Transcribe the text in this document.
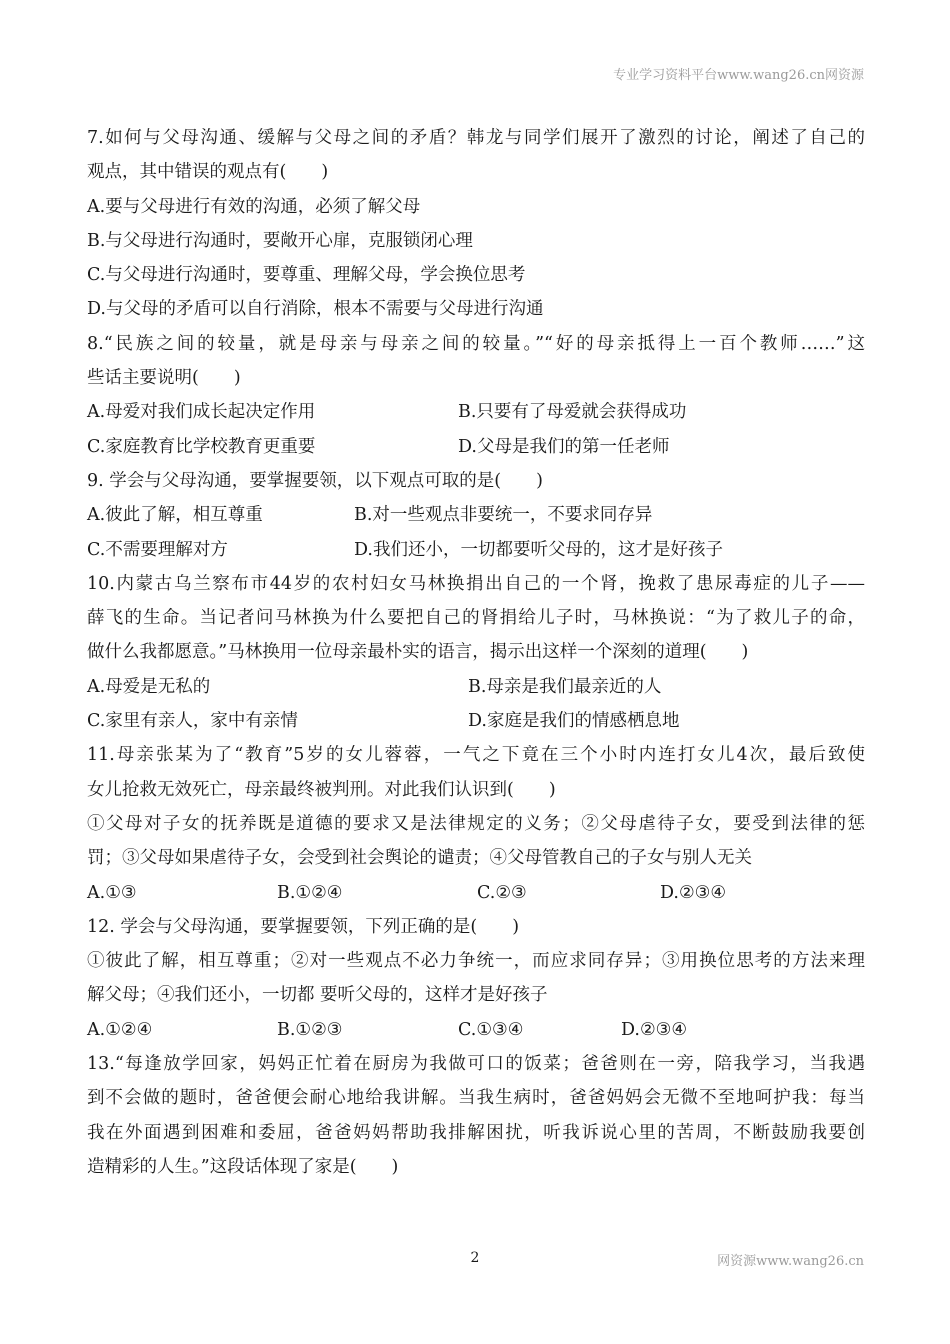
专业学习资料平台www.wang26.cn网资源
7.如何与父母沟通、缓解与父母之间的矛盾？韩龙与同学们展开了激烈的讨论，阐述了自己的
观点，其中错误的观点有(　　)
A.要与父母进行有效的沟通，必须了解父母
B.与父母进行沟通时，要敞开心扉，克服锁闭心理
C.与父母进行沟通时，要尊重、理解父母，学会换位思考
D.与父母的矛盾可以自行消除，根本不需要与父母进行沟通
8.“民族之间的较量，就是母亲与母亲之间的较量。”“好的母亲抵得上一百个教师……”这
些话主要说明(　　)
A.母爱对我们成长起决定作用	B.只要有了母爱就会获得成功
C.家庭教育比学校教育更重要	D.父母是我们的第一任老师
9. 学会与父母沟通，要掌握要领，以下观点可取的是(　　)
A.彼此了解，相互尊重	B.对一些观点非要统一，不要求同存异
C.不需要理解对方	D.我们还小，一切都要听父母的，这才是好孩子
10.内蒙古乌兰察布市44岁的农村妇女马林换捐出自己的一个肾，挽救了患尿毒症的儿子——
薛飞的生命。当记者问马林换为什么要把自己的肾捐给儿子时，马林换说：“为了救儿子的命，
做什么我都愿意。”马林换用一位母亲最朴实的语言，揭示出这样一个深刻的道理(　　)
A.母爱是无私的	B.母亲是我们最亲近的人
C.家里有亲人，家中有亲情	D.家庭是我们的情感栖息地
11.母亲张某为了“教育”5岁的女儿蓉蓉，一气之下竟在三个小时内连打女儿4次，最后致使
女儿抢救无效死亡，母亲最终被判刑。对此我们认识到(　　)
①父母对子女的抚养既是道德的要求又是法律规定的义务；②父母虐待子女，要受到法律的惩
罚；③父母如果虐待子女，会受到社会舆论的谴责；④父母管教自己的子女与别人无关
A.①③	B.①②④	C.②③	D.②③④
12. 学会与父母沟通，要掌握要领，下列正确的是(　　)
①彼此了解，相互尊重；②对一些观点不必力争统一，而应求同存异；③用换位思考的方法来理
解父母；④我们还小，一切都 要听父母的，这样才是好孩子
A.①②④	B.①②③	C.①③④	D.②③④
13.“每逢放学回家，妈妈正忙着在厨房为我做可口的饭菜；爸爸则在一旁，陪我学习，当我遇
到不会做的题时，爸爸便会耐心地给我讲解。当我生病时，爸爸妈妈会无微不至地呵护我：每当
我在外面遇到困难和委屈，爸爸妈妈帮助我排解困扰，听我诉说心里的苦周，不断鼓励我要创
造精彩的人生。”这段话体现了家是(　　)
2	网资源www.wang26.cn
